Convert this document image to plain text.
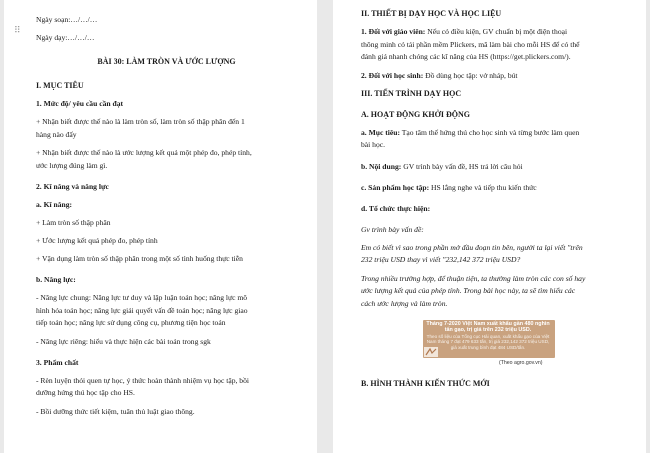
⠿

Ngày soạn:…/…/…

Ngày dạy:…/…/…

BÀI 30: LÀM TRÒN VÀ ƯỚC LƯỢNG

I. MỤC TIÊU

1. Mức độ/ yêu cầu cần đạt

+ Nhận biết được thế nào là làm tròn số, làm tròn số thập phân đến 1
hàng nào đấy

+ Nhận biết được thế nào là ước lượng kết quả một phép đo, phép tính,
ước lượng đúng làm gì.

2. Kĩ năng và năng lực

a. Kĩ năng:

+ Làm tròn số thập phân

+ Ước lượng kết quả phép đo, phép tính

+ Vận dụng làm tròn số thập phân trong một số tình huống thực tiễn

b. Năng lực:

- Năng lực chung: Năng lực tư duy và lập luận toán học; năng lực mô
hình hóa toán học; năng lực giải quyết vấn đề toán học; năng lực giao
tiếp toán học; năng lực sử dụng công cụ, phương tiện học toán

- Năng lực riêng: hiểu và thực hiện các bài toán trong sgk

3. Phẩm chất

- Rèn luyện thói quen tự học, ý thức hoàn thành nhiệm vụ học tập, bồi
dưỡng hứng thú học tập cho HS.

- Bồi dưỡng thức tiết kiệm, tuân thủ luật giao thông.

II. THIẾT BỊ DẠY HỌC VÀ HỌC LIỆU

1. Đối với giáo viên: Nếu có điều kiện, GV chuẩn bị một điện thoại
thông minh có tải phần mềm Plickers, mã làm bài cho mỗi HS để có thể
đánh giá nhanh chóng các kĩ năng của HS (https://get.plickers.com/).

2. Đối với học sinh: Đồ dùng học tập: vở nháp, bút

III. TIẾN TRÌNH DẠY HỌC

A. HOẠT ĐỘNG KHỞI ĐỘNG

a. Mục tiêu: Tạo tâm thế hứng thú cho học sinh và từng bước làm quen
bài học.

b. Nội dung: GV trình bày vấn đề, HS trả lời câu hỏi

c. Sản phẩm học tập: HS lắng nghe và tiếp thu kiến thức

d. Tổ chức thực hiện:

Gv trình bày vấn đề:

Em có biết vì sao trong phần mở đầu đoạn tin bên, người ta lại viết "trên
232 triệu USD thay vì viết "232,142 372 triệu USD?

Trong nhiều trường hợp, để thuận tiện, ta thường làm tròn các con số hay
ước lượng kết quả của phép tính. Trong bài học này, ta sẽ tìm hiểu các
cách ước lượng và làm tròn.

Tháng 7-2020 Việt Nam xuất khẩu gần 480 nghìn tấn gạo, trị giá trên 232 triệu USD.
Theo số liệu của Tổng cục Hải quan, xuất khẩu gạo của Việt Nam tháng 7 đạt 479 633 tấn, trị giá 232,142 372 triệu USD, giá xuất trung bình đạt 484 USD/tấn.

(Theo agro.gov.vn)

B. HÌNH THÀNH KIẾN THỨC MỚI
